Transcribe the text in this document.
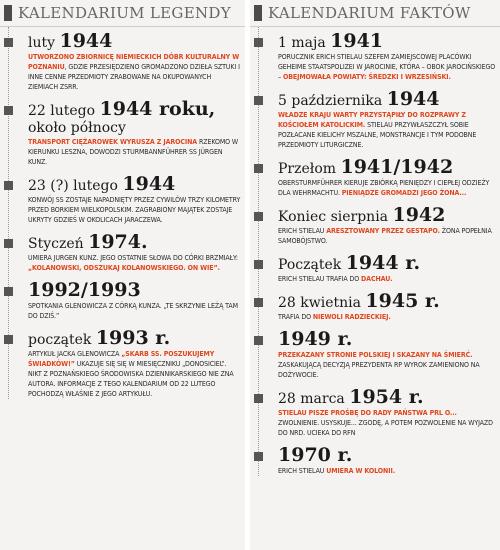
KALENDARIUM LEGENDY
luty 1944
UTWORZONO ZBIORNICĘ NIEMIECKICH DÓBR KULTURALNY W POZNANIU, GDZIE PRZESIĘDZIENO GROMADZONO DZIEŁA SZTUKI I INNE CENNE PRZEDMIOTY ZRABOWANE NA OKUPOWANYCH ZIEMIACH ZSRR.
22 lutego 1944 roku, około północy
TRANSPORT CIĘŻAROWEK WYRUSZA Z JAROCINA RZEKOMO W KIERUNKU LESZNA, DOWODZI STURMBANNFÜHRER SS JÜRGEN KUNZ.
23 (?) lutego 1944
KONWÓJ SS ZOSTAJE NAPADNIĘTY PRZEZ CYWILÓW TRZY KILOMETRY PRZED BORKIEM WIELKOPOLSKIM. ZAGRABIONY MAJĄTEK ZOSTAJE UKRYTY GDZIEŚ W OKOLICACH JARACZEWA.
Styczeń 1974.
UMIERA JURGEN KUNZ. JEGO OSTATNIE SŁOWA DO CÓRKI BRZMIAŁY: „KOLANOWSKI, ODSZUKAJ KOLANOWSKIEGO. ON WIE”.
1992/1993
SPOTKANIA GLENOWICZA Z CÓRKĄ KUNZA. „TE SKRZYNIE LEŻĄ TAM DO DZIŚ.”
początek 1993 r.
ARTYKUŁ JACKA GLENOWICZA „SKARB SS. POSZUKUJEMY ŚWIADKÓW!” UKAZUJE SIĘ SIĘ W MIESIĘCZNIKU „DONOSICIEL”. NIKT Z POZNAŃSKIEGO ŚRODOWISKA DZIENNIKARSKIEGO NIE ZNA AUTORA. INFORMACJE Z TEGO KALENDARIUM OD 22 LUTEGO POCHODZĄ WŁAŚNIE Z JEGO ARTYKUŁU.
KALENDARIUM FAKTÓW
1 maja 1941
PORUCZNIK ERICH STIELAU SZEFEM ZAMIEJSCOWEJ PLACÓWKI GEHEIME STAATSPOLIZEI W JAROCINIE, KTÓRA – OBOK JAROCIŃSKIEGO – OBEJMOWAŁA POWIATY: ŚREDZKI I WRZESIŃSKI.
5 października 1944
WŁADZE KRAJU WARTY PRZYSTĄPIŁY DO ROZPRAWY Z KOŚCIOŁEM KATOLICKIM. STIELAU PRZYWŁASZCZYŁ SOBIE POZŁACANE KIELICHY MSZALNE, MONSTRANCJE I TYM PODOBNE PRZEDMIOTY LITURGICZNE.
Przełom 1941/1942
OBERSTURMFÜHRER KIERUJE ZBIÓRKĄ PIENIĘDZY I CIEPŁEJ ODZIEŻY DLA WEHRMACHTU. PIENIĄDZE GROMADZI JEGO ŻONA...
Koniec sierpnia 1942
ERICH STIELAU ARESZTOWANY PRZEZ GESTAPO. ŻONA POPEŁNIA SAMOBÓJSTWO.
Początek 1944 r.
ERICH STIELAU TRAFIA DO DACHAU.
28 kwietnia 1945 r.
TRAFIA DO NIEWOLI RADZIECKIEJ.
1949 r.
PRZEKAZANY STRONIE POLSKIEJ I SKAZANY NA ŚMIERĆ. ZASKAKUJĄCĄ DECYZJĄ PREZYDENTA RP WYROK ZAMIENIONO NA DOŻYWOCIE.
28 marca 1954 r.
STIELAU PISZE PROŚBĘ DO RADY PAŃSTWA PRL O... ZWOLNIENIE. USYSKUJE... ZGODĘ, A POTEM POZWOLENIE NA WYJAZD DO NRD. UCIEKA DO RFN
1970 r.
ERICH STIELAU UMIERA W KOLONII.
